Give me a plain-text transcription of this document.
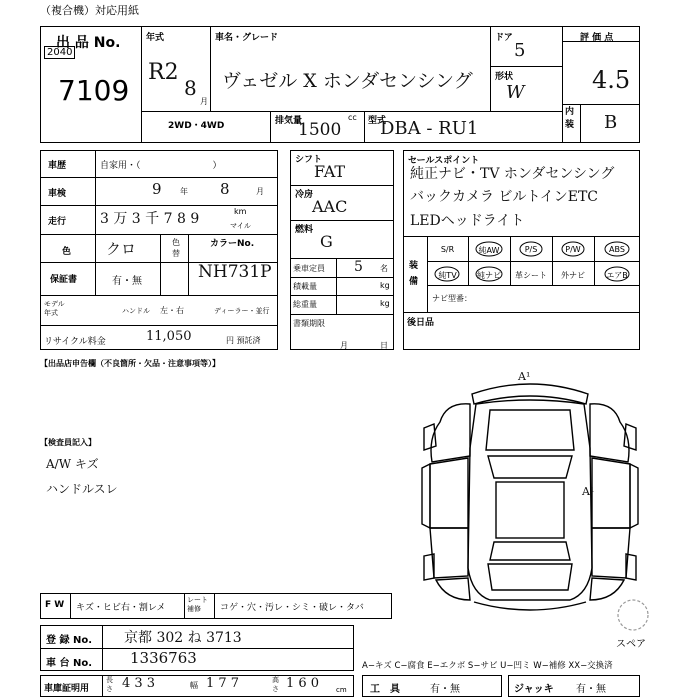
（複合機）対応用紙
出 品 No.
2040
7109
年式
R2
8
月
車名・グレード
ヴェゼル X ホンダセンシング
ドア
5
形状
W
評 価 点
4.5
内装 B
2WD・4WD	排気量	cc
1500	型式
DBA - RU1
車歴	自家用・（　　　　　　　　）
車検	9 年 8	月
走行 3 万 3 千 7 8 9	km
マイル
色 クロ	色替
カラーNo.
NH731P
保証書	有・無
モデル年式	ハンドル 左・右	ディーラー・並行
リサイクル料金	11,050	円 預託済
シフト
FAT
冷房
AAC
燃料
G
乗車定員 5 名
積載量	kg
総重量	kg
書類期限
月	日
セールスポイント
純正ナビ・TV ホンダセンシング
バックカメラ ビルトインETC
LEDヘッドライト
装備
S/R	純AW	P/S	P/W	ABS
純TV	純ナビ	革シート	外ナビ	エアB
ナビ型番：
後日品
【出品店申告欄（不良箇所・欠品・注意事項等）】
【検査員記入】
A/W キズ
ハンドルスレ
A¹
A¹
スペア
F W キズ・ヒビ右・割レメ
レート補修	コゲ・穴・汚レ・シミ・破レ・タバ
登 録 No. 京都 302 ね 3713
車 台 No.	1336763	A−キズ C−腐食 E−エクボ S−サビ U−凹ミ W−補修 XX−交換済
車庫証明用
長さ 4 3 3	幅 1 7 7	高さ 1 6 0 cm 工　具	有・無	ジャッキ 有・無
